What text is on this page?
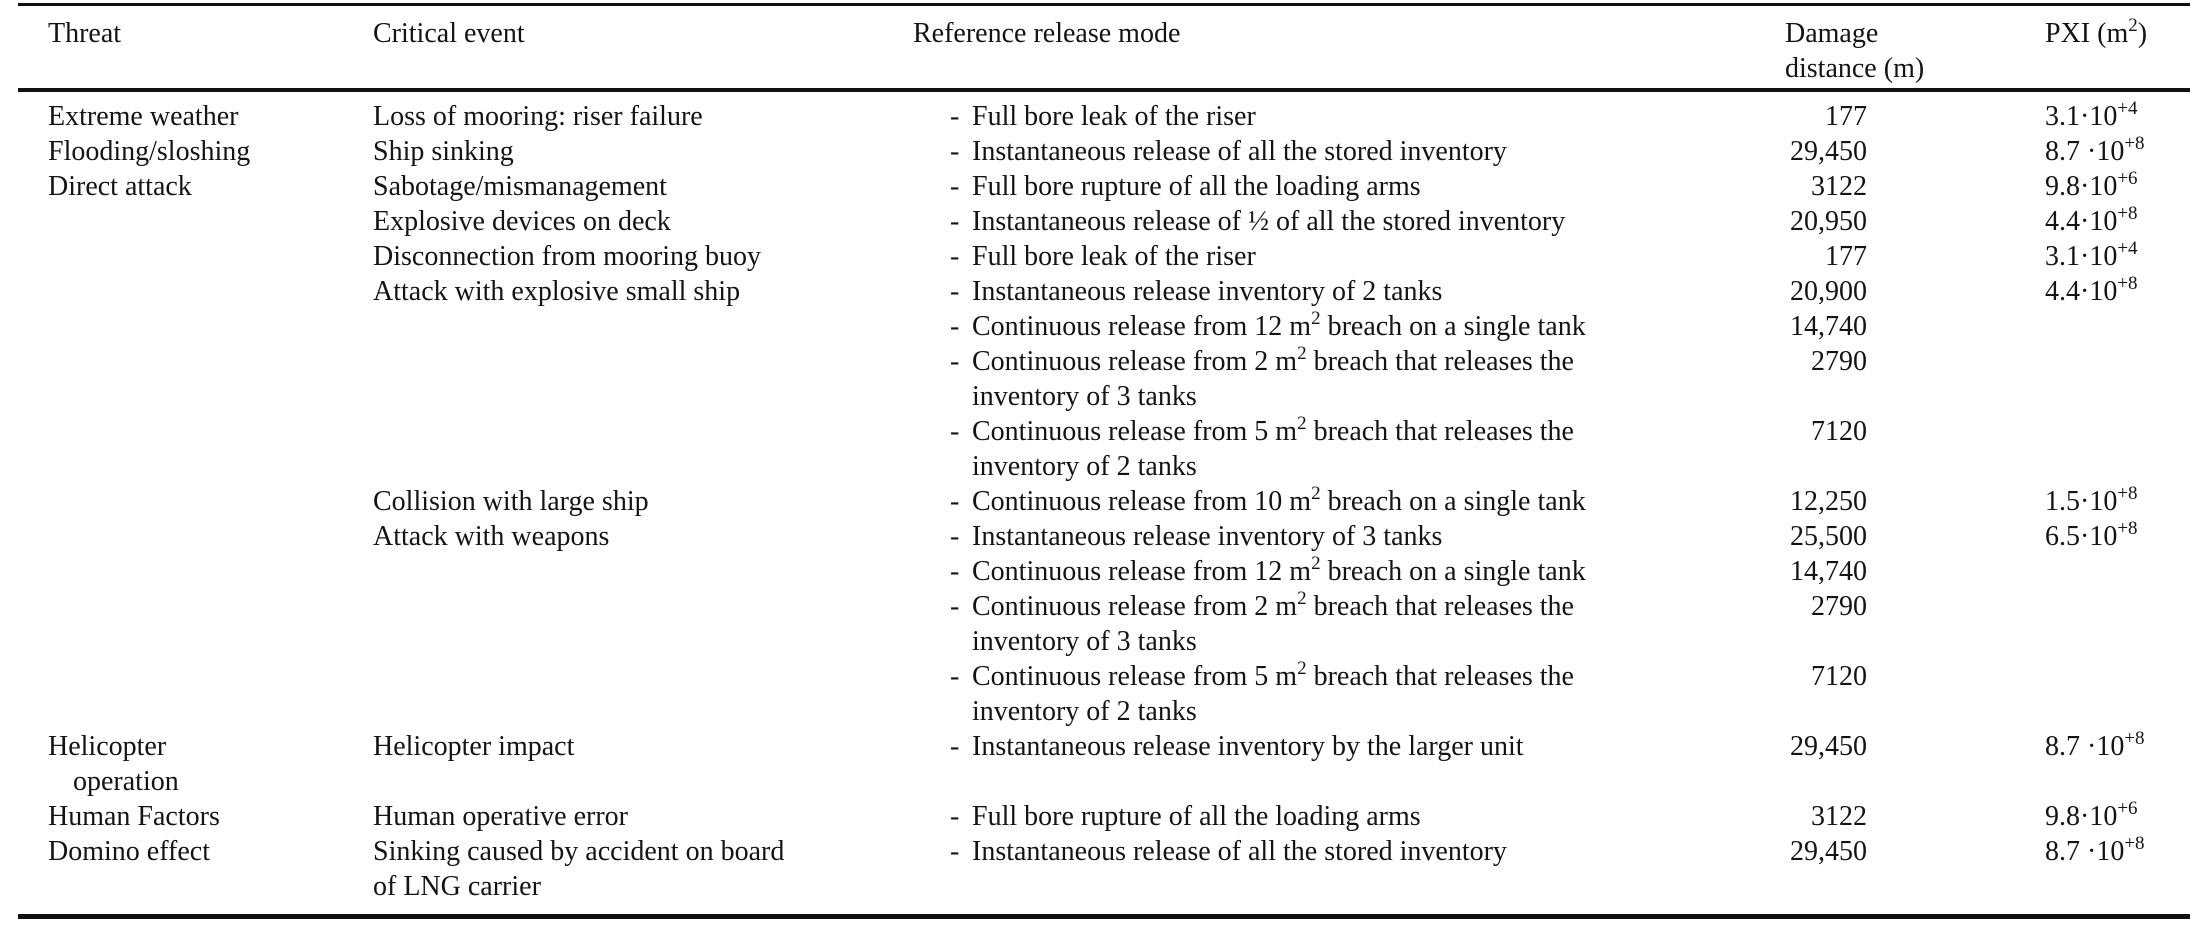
Threat	Critical event	Reference release mode	Damage distance (m)	PXI $(m^2)$
Extreme weather	Loss of mooring: riser failure	- Full bore leak of the riser	177	$3.1\cdot 10^{+4}$
Flooding/sloshing	Ship sinking	- Instantaneous release of all the stored inventory	29,450	$8.7 \cdot 10^{+8}$
Direct attack	Sabotage/mismanagement	- Full bore rupture of all the loading arms	3122	$9.8\cdot 10^{+6}$
	Explosive devices on deck	- Instantaneous release of ½ of all the stored inventory	20,950	$4.4\cdot 10^{+8}$
	Disconnection from mooring buoy	- Full bore leak of the riser	177	$3.1\cdot 10^{+4}$
	Attack with explosive small ship	- Instantaneous release inventory of 2 tanks	20,900	$4.4\cdot 10^{+8}$

		- Continuous release from 12 $m^2$ breach on a single tank	14,740	

		- Continuous release from 2 $m^2$ breach that releases the inventory of 3 tanks	2790	

		- Continuous release from 5 $m^2$ breach that releases the inventory of 2 tanks	7120	
	Collision with large ship	- Continuous release from 10 $m^2$ breach on a single tank	12,250	$1.5\cdot 10^{+8}$
	Attack with weapons	- Instantaneous release inventory of 3 tanks	25,500	$6.5\cdot 10^{+8}$

		- Continuous release from 12 $m^2$ breach on a single tank	14,740	

		- Continuous release from 2 $m^2$ breach that releases the inventory of 3 tanks	2790	

		- Continuous release from 5 $m^2$ breach that releases the inventory of 2 tanks	7120	

Helicopter operation	Helicopter impact	- Instantaneous release inventory by the larger unit	29,450	$8.7 \cdot 10^{+8}$
Human Factors	Human operative error	- Full bore rupture of all the loading arms	3122	$9.8\cdot 10^{+6}$
Domino effect	Sinking caused by accident on board of LNG carrier	- Instantaneous release of all the stored inventory	29,450	$8.7 \cdot 10^{+8}$
